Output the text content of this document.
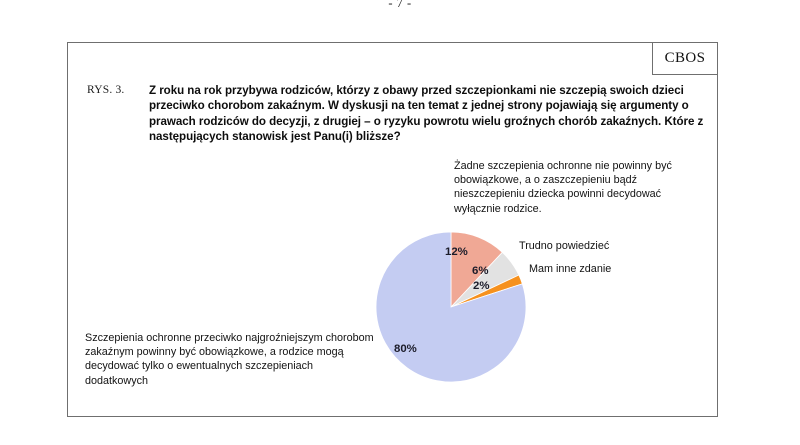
- 7 -
CBOS
RYS. 3.	Z roku na rok przybywa rodziców, którzy z obawy przed szczepionkami nie szczepią swoich dzieci przeciwko chorobom zakaźnym. W dyskusji na ten temat z jednej strony pojawiają się argumenty o prawach rodziców do decyzji, z drugiej – o ryzyku powrotu wielu groźnych chorób zakaźnych. Które z następujących stanowisk jest Panu(i) bliższe?
12%
6%
2%
80%
Żadne szczepienia ochronne nie powinny być obowiązkowe, a o zaszczepieniu bądź nieszczepieniu dziecka powinni decydować wyłącznie rodzice.
Trudno powiedzieć
Mam inne zdanie
Szczepienia ochronne przeciwko najgroźniejszym chorobom zakaźnym powinny być obowiązkowe, a rodzice mogą decydować tylko o ewentualnych szczepieniach dodatkowych
